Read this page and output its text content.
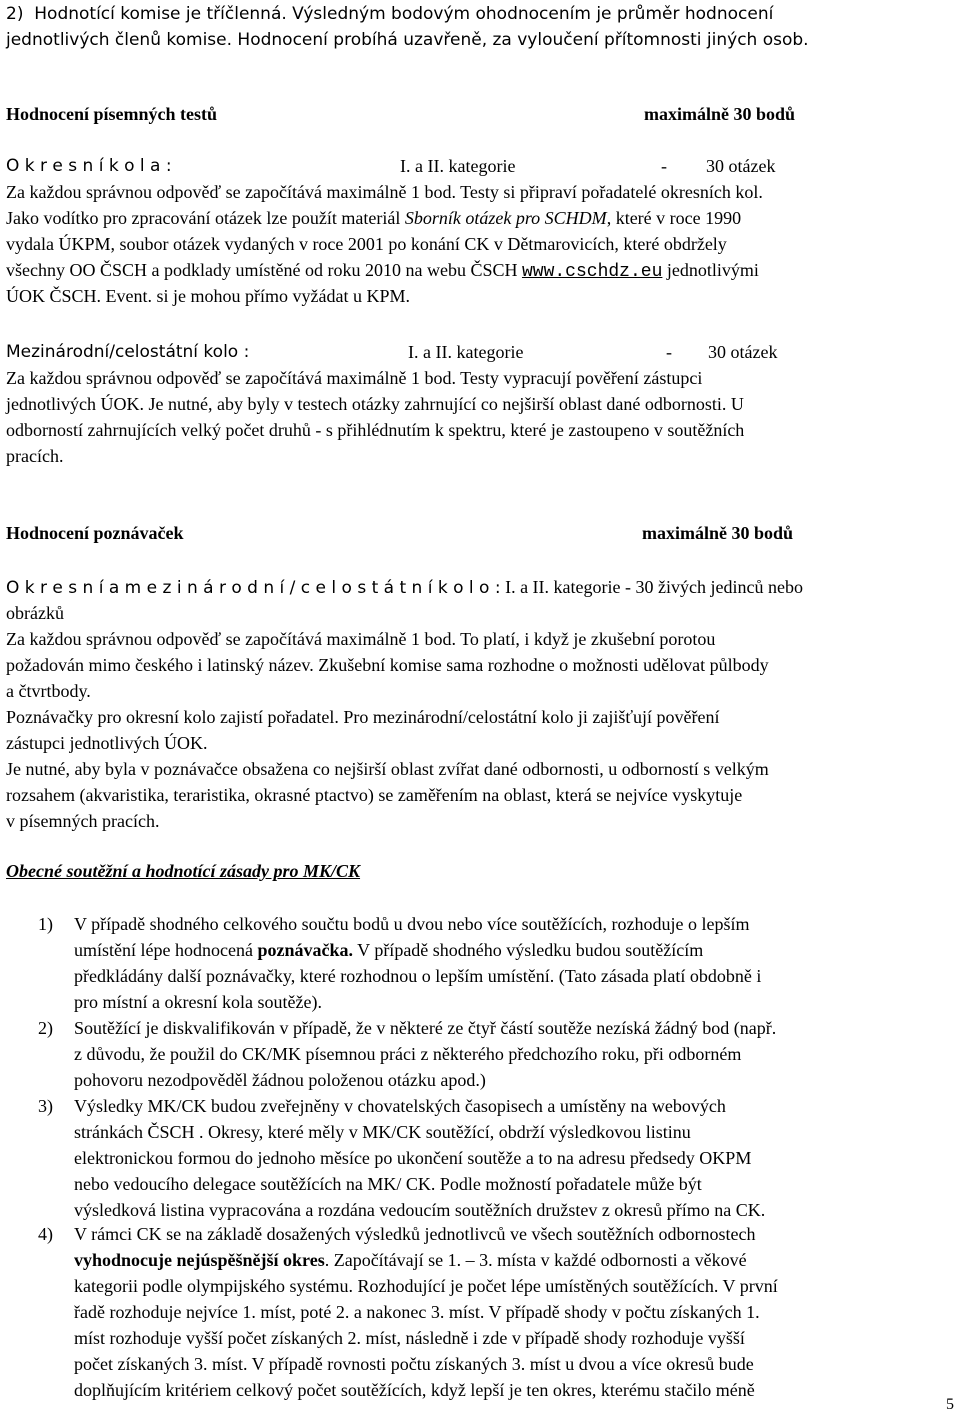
2)  Hodnotící komise je tříčlenná. Výsledným bodovým ohodnocením je průměr hodnocení
jednotlivých členů komise. Hodnocení probíhá uzavřeně, za vyloučení přítomnosti jiných osob.
Hodnocení písemných testů	maximálně 30 bodů
O k r e s n í k o l a :	I. a II. kategorie	- 30 otázek
Za každou správnou odpověď se započítává maximálně 1 bod. Testy si připraví pořadatelé okresních kol.
Jako vodítko pro zpracování otázek lze použít materiál Sborník otázek pro SCHDM, které v roce 1990
vydala ÚKPM, soubor otázek vydaných v roce 2001 po konání CK v Dětmarovicích, které obdržely
všechny OO ČSCH a podklady umístěné od roku 2010 na webu ČSCH www.cschdz.eu jednotlivými
ÚOK ČSCH. Event. si je mohou přímo vyžádat u KPM.
Mezinárodní/celostátní kolo :	I. a II. kategorie	- 30 otázek
Za každou správnou odpověď se započítává maximálně 1 bod. Testy vypracují pověření zástupci
jednotlivých ÚOK. Je nutné, aby byly v testech otázky zahrnující co nejširší oblast dané odbornosti. U
odborností zahrnujících velký počet druhů - s přihlédnutím k spektru, které je zastoupeno v soutěžních
pracích.
Hodnocení poznávaček	maximálně 30 bodů
O k r e s n í a m e z i n á r o d n í / c e l o s t á t n í k o l o : I. a II. kategorie - 30 živých jedinců nebo
obrázků
Za každou správnou odpověď se započítává maximálně 1 bod. To platí, i když je zkušební porotou
požadován mimo českého i latinský název. Zkušební komise sama rozhodne o možnosti udělovat půlbody
a čtvrtbody.
Poznávačky pro okresní kolo zajistí pořadatel. Pro mezinárodní/celostátní kolo ji zajišťují pověření
zástupci jednotlivých ÚOK.
Je nutné, aby byla v poznávačce obsažena co nejširší oblast zvířat dané odbornosti, u odborností s velkým
rozsahem (akvaristika, teraristika, okrasné ptactvo) se zaměřením na oblast, která se nejvíce vyskytuje
v písemných pracích.
Obecné soutěžní a hodnotící zásady pro MK/CK
1) V případě shodného celkového součtu bodů u dvou nebo více soutěžících, rozhoduje o lepším
umístění lépe hodnocená poznávačka. V případě shodného výsledku budou soutěžícím
předkládány další poznávačky, které rozhodnou o lepším umístění. (Tato zásada platí obdobně i
pro místní a okresní kola soutěže).
2) Soutěžící je diskvalifikován v případě, že v některé ze čtyř částí soutěže nezíská žádný bod (např.
z důvodu, že použil do CK/MK písemnou práci z některého předchozího roku, při odborném
pohovoru nezodpověděl žádnou položenou otázku apod.)
3) Výsledky MK/CK budou zveřejněny v chovatelských časopisech a umístěny na webových
stránkách ČSCH . Okresy, které měly v MK/CK soutěžící, obdrží výsledkovou listinu
elektronickou formou do jednoho měsíce po ukončení soutěže a to na adresu předsedy OKPM
nebo vedoucího delegace soutěžících na MK/ CK. Podle možností pořadatele může být
výsledková listina vypracována a rozdána vedoucím soutěžních družstev z okresů přímo na CK.
4) V rámci CK se na základě dosažených výsledků jednotlivců ve všech soutěžních odbornostech
vyhodnocuje nejúspěšnější okres. Započítávají se 1. – 3. místa v každé odbornosti a věkové
kategorii podle olympijského systému. Rozhodující je počet lépe umístěných soutěžících. V první
řadě rozhoduje nejvíce 1. míst, poté 2. a nakonec 3. míst. V případě shody v počtu získaných 1.
míst rozhoduje vyšší počet získaných 2. míst, následně i zde v případě shody rozhoduje vyšší
počet získaných 3. míst. V případě rovnosti počtu získaných 3. míst u dvou a více okresů bude
doplňujícím kritériem celkový počet soutěžících, když lepší je ten okres, kterému stačilo méně
5
